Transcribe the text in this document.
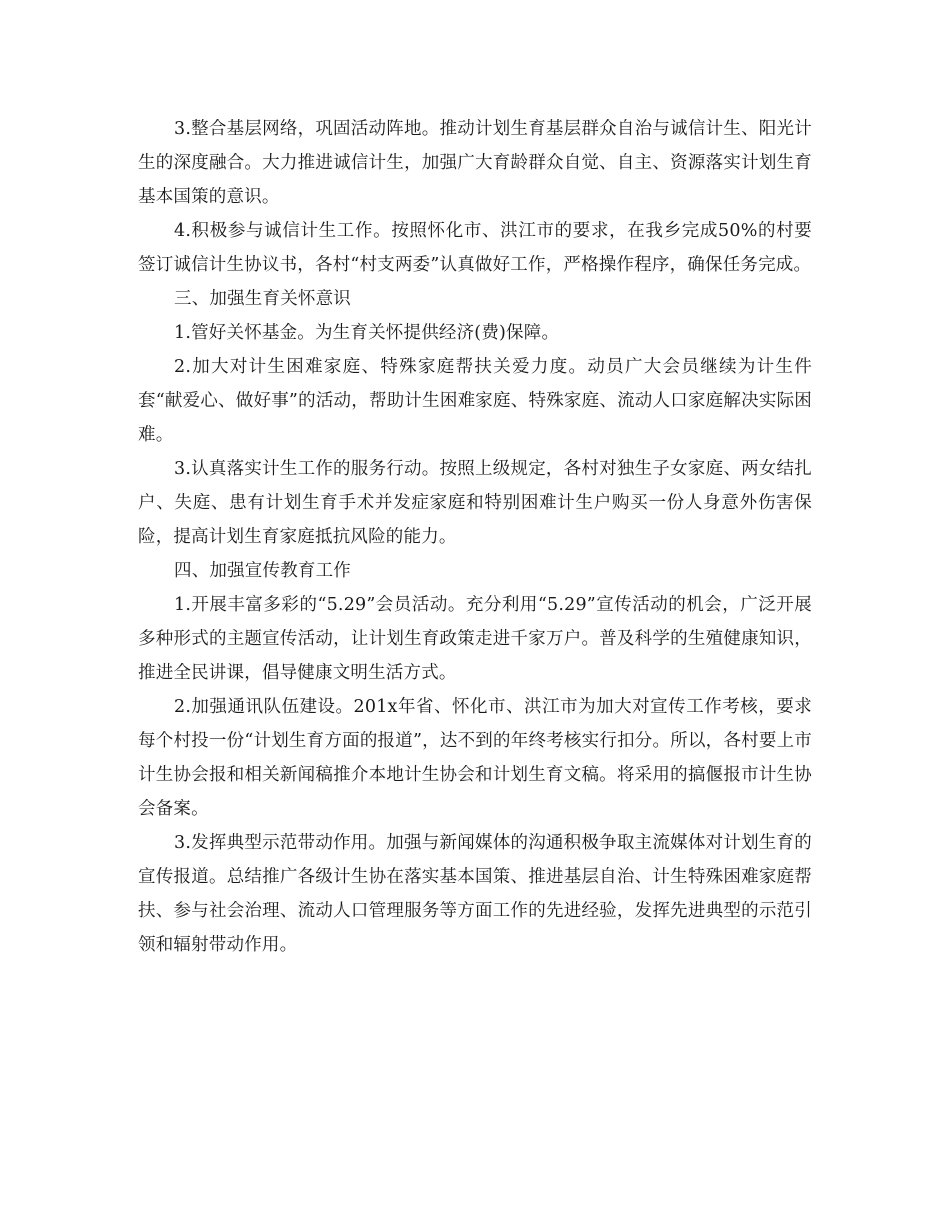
3.整合基层网络，巩固活动阵地。推动计划生育基层群众自治与诚信计生、阳光计生的深度融合。大力推进诚信计生，加强广大育龄群众自觉、自主、资源落实计划生育基本国策的意识。

4.积极参与诚信计生工作。按照怀化市、洪江市的要求，在我乡完成50%的村要签订诚信计生协议书，各村“村支两委”认真做好工作，严格操作程序，确保任务完成。

三、加强生育关怀意识

1.管好关怀基金。为生育关怀提供经济(费)保障。

2.加大对计生困难家庭、特殊家庭帮扶关爱力度。动员广大会员继续为计生件套“献爱心、做好事”的活动，帮助计生困难家庭、特殊家庭、流动人口家庭解决实际困难。

3.认真落实计生工作的服务行动。按照上级规定，各村对独生子女家庭、两女结扎户、失庭、患有计划生育手术并发症家庭和特别困难计生户购买一份人身意外伤害保险，提高计划生育家庭抵抗风险的能力。

四、加强宣传教育工作

1.开展丰富多彩的“5.29”会员活动。充分利用“5.29”宣传活动的机会，广泛开展多种形式的主题宣传活动，让计划生育政策走进千家万户。普及科学的生殖健康知识，推进全民讲课，倡导健康文明生活方式。

2.加强通讯队伍建设。201x年省、怀化市、洪江市为加大对宣传工作考核，要求每个村投一份“计划生育方面的报道”，达不到的年终考核实行扣分。所以，各村要上市计生协会报和相关新闻稿推介本地计生协会和计划生育文稿。将采用的搞偃报市计生协会备案。

3.发挥典型示范带动作用。加强与新闻媒体的沟通积极争取主流媒体对计划生育的宣传报道。总结推广各级计生协在落实基本国策、推进基层自治、计生特殊困难家庭帮扶、参与社会治理、流动人口管理服务等方面工作的先进经验，发挥先进典型的示范引领和辐射带动作用。
